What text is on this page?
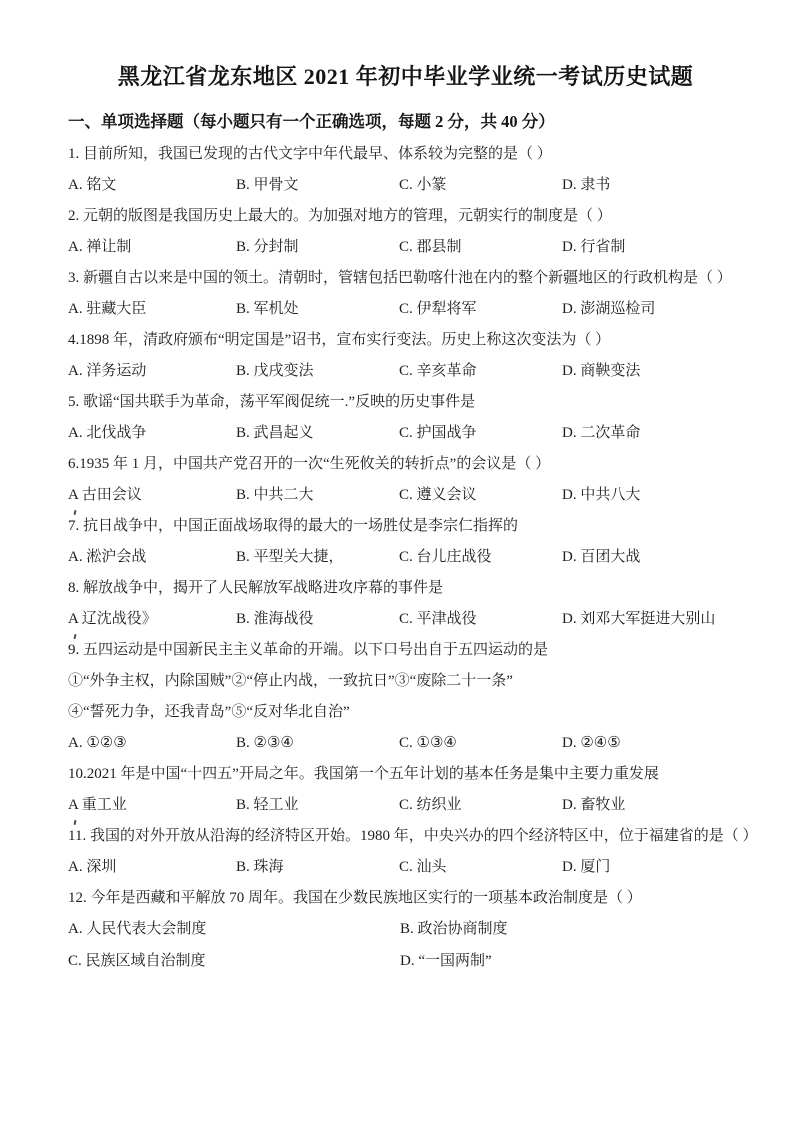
黑龙江省龙东地区 2021 年初中毕业学业统一考试历史试题
一、单项选择题（每小题只有一个正确选项，每题 2 分，共 40 分）
1. 目前所知，我国已发现的古代文字中年代最早、体系较为完整的是（ ）
A. 铭文	B. 甲骨文	C. 小篆	D. 隶书
2. 元朝的版图是我国历史上最大的。为加强对地方的管理，元朝实行的制度是（ ）
A. 禅让制	B. 分封制	C. 郡县制	D. 行省制
3. 新疆自古以来是中国的领土。清朝时，管辖包括巴勒喀什池在内的整个新疆地区的行政机构是（ ）
A. 驻藏大臣	B. 军机处	C. 伊犁将军	D. 澎湖巡检司
4.1898 年，清政府颁布“明定国是”诏书，宣布实行变法。历史上称这次变法为（ ）
A. 洋务运动	B. 戊戌变法	C. 辛亥革命	D. 商鞅变法
5. 歌谣“国共联手为革命，荡平军阀促统一.”反映的历史事件是
A. 北伐战争	B. 武昌起义	C. 护国战争	D. 二次革命
6.1935 年 1 月，中国共产党召开的一次“生死攸关的转折点”的会议是（ ）
A 古田会议	B. 中共二大	C. 遵义会议	D. 中共八大
7. 抗日战争中，中国正面战场取得的最大的一场胜仗是李宗仁指挥的
A. 淞沪会战	B. 平型关大捷，	C. 台儿庄战役	D. 百团大战
8. 解放战争中，揭开了人民解放军战略进攻序幕的事件是
A 辽沈战役》	B. 淮海战役	C. 平津战役	D. 刘邓大军挺进大别山
9. 五四运动是中国新民主主义革命的开端。以下口号出自于五四运动的是
①“外争主权，内除国贼”②“停止内战，一致抗日”③“废除二十一条”
④“誓死力争，还我青岛”⑤“反对华北自治”
A. ①②③	B. ②③④	C. ①③④	D. ②④⑤
10.2021 年是中国“十四五”开局之年。我国第一个五年计划的基本任务是集中主要力重发展
A 重工业	B. 轻工业	C. 纺织业	D. 畜牧业
11. 我国的对外开放从沿海的经济特区开始。1980 年，中央兴办的四个经济特区中，位于福建省的是（ ）
A. 深圳	B. 珠海	C. 汕头	D. 厦门
12. 今年是西藏和平解放 70 周年。我国在少数民族地区实行的一项基本政治制度是（ ）
A. 人民代表大会制度	B. 政治协商制度
C. 民族区域自治制度	D. “一国两制”
